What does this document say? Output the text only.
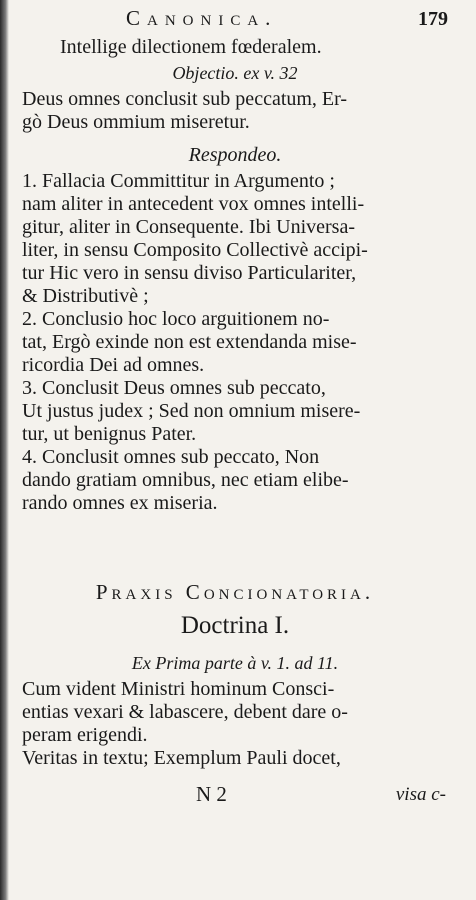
Canonica.	179
Intellige dilectionem fœderalem.
Objectio. ex v. 32
Deus omnes conclusit sub peccatum, Er-
gò Deus ommium miseretur.
Respondeo.
1. Fallacia Committitur in Argumento ;
nam aliter in antecedent vox omnes intelli-
gitur, aliter in Consequente. Ibi Universa-
liter, in sensu Composito Collectivè accipi-
tur Hic vero in sensu diviso Particulariter,
& Distributivè ;
2. Conclusio hoc loco arguitionem no-
tat, Ergò exinde non est extendanda mise-
ricordia Dei ad omnes.
3. Conclusit Deus omnes sub peccato,
Ut justus judex ; Sed non omnium misere-
tur, ut benignus Pater.
4. Conclusit omnes sub peccato, Non
dando gratiam omnibus, nec etiam elibe-
rando omnes ex miseria.
Praxis Concionatoria.
Doctrina I.
Ex Prima parte à v. 1. ad 11.
Cum vident Ministri hominum Consci-
entias vexari & labascere, debent dare o-
peram erigendi.
Veritas in textu; Exemplum Pauli docet,
N 2	visa c-
